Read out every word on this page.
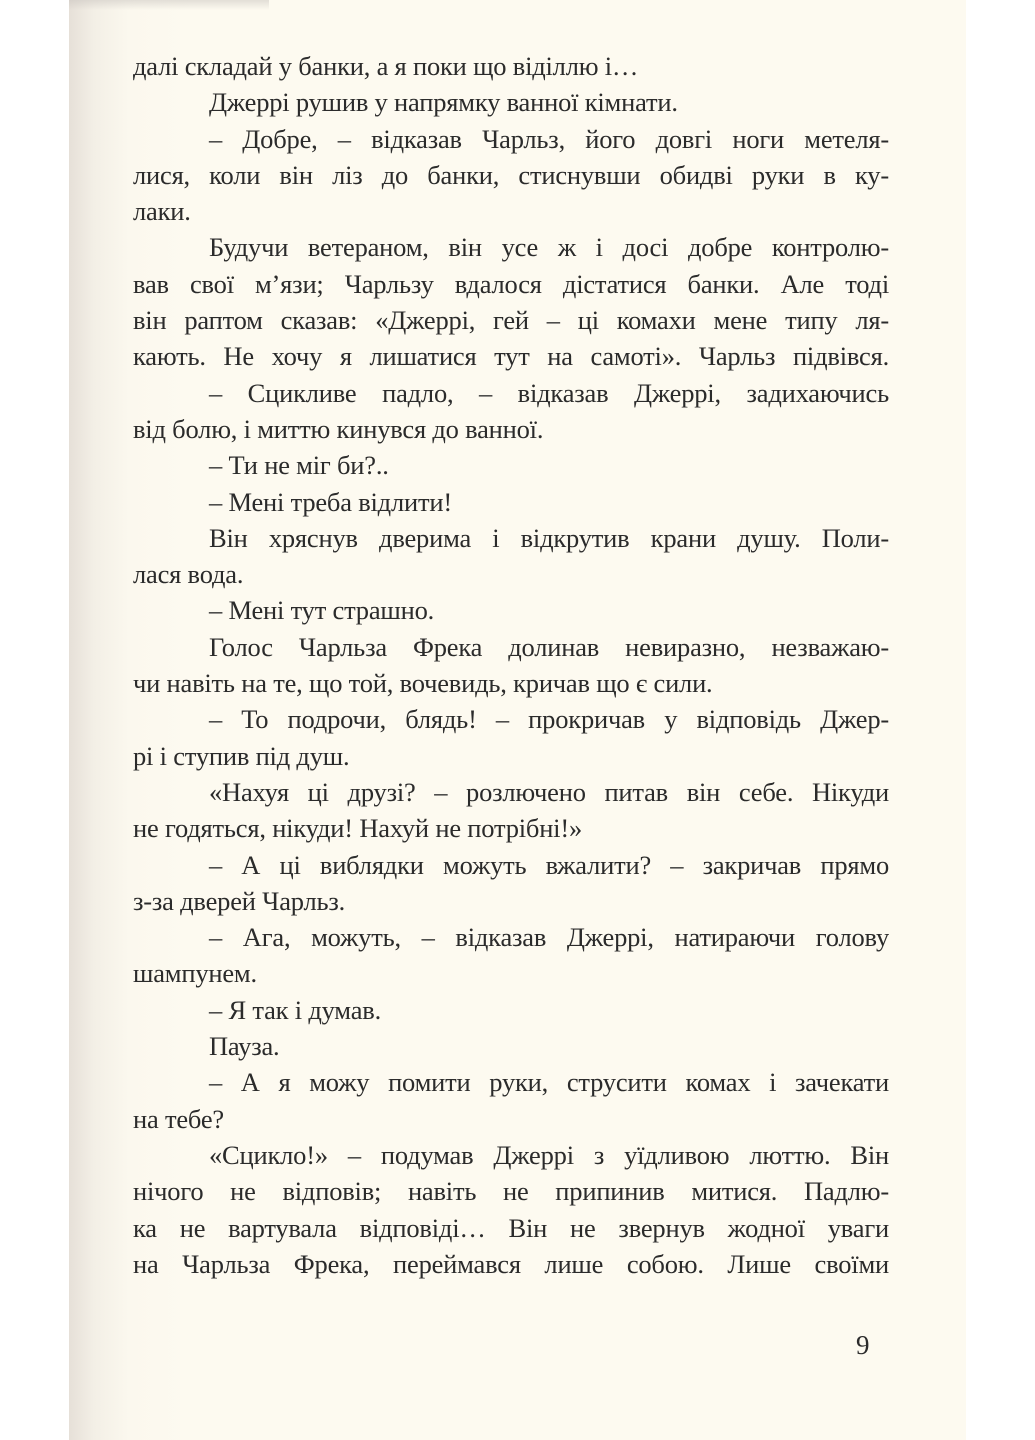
далі складай у банки, а я поки що віділлю і…
Джеррі рушив у напрямку ванної кімнати.
– Добре, – відказав Чарльз, його довгі ноги метеля-
лися, коли він ліз до банки, стиснувши обидві руки в ку-
лаки.
Будучи ветераном, він усе ж і досі добре контролю-
вав свої м’язи; Чарльзу вдалося дістатися банки. Але тоді
він раптом сказав: «Джеррі, гей – ці комахи мене типу ля-
кають. Не хочу я лишатися тут на самоті». Чарльз підвівся.
– Сцикливе падло, – відказав Джеррі, задихаючись
від болю, і миттю кинувся до ванної.
– Ти не міг би?..
– Мені треба відлити!
Він хряснув дверима і відкрутив крани душу. Поли-
лася вода.
– Мені тут страшно.
Голос Чарльза Фрека долинав невиразно, незважаю-
чи навіть на те, що той, вочевидь, кричав що є сили.
– То подрочи, блядь! – прокричав у відповідь Джер-
рі і ступив під душ.
«Нахуя ці друзі? – розлючено питав він себе. Нікуди
не годяться, нікуди! Нахуй не потрібні!»
– А ці виблядки можуть вжалити? – закричав прямо
з-за дверей Чарльз.
– Ага, можуть, – відказав Джеррі, натираючи голову
шампунем.
– Я так і думав.
Пауза.
– А я можу помити руки, струсити комах і зачекати
на тебе?
«Сцикло!» – подумав Джеррі з уїдливою люттю. Він
нічого не відповів; навіть не припинив митися. Падлю-
ка не вартувала відповіді… Він не звернув жодної уваги
на Чарльза Фрека, переймався лише собою. Лише своїми
9
